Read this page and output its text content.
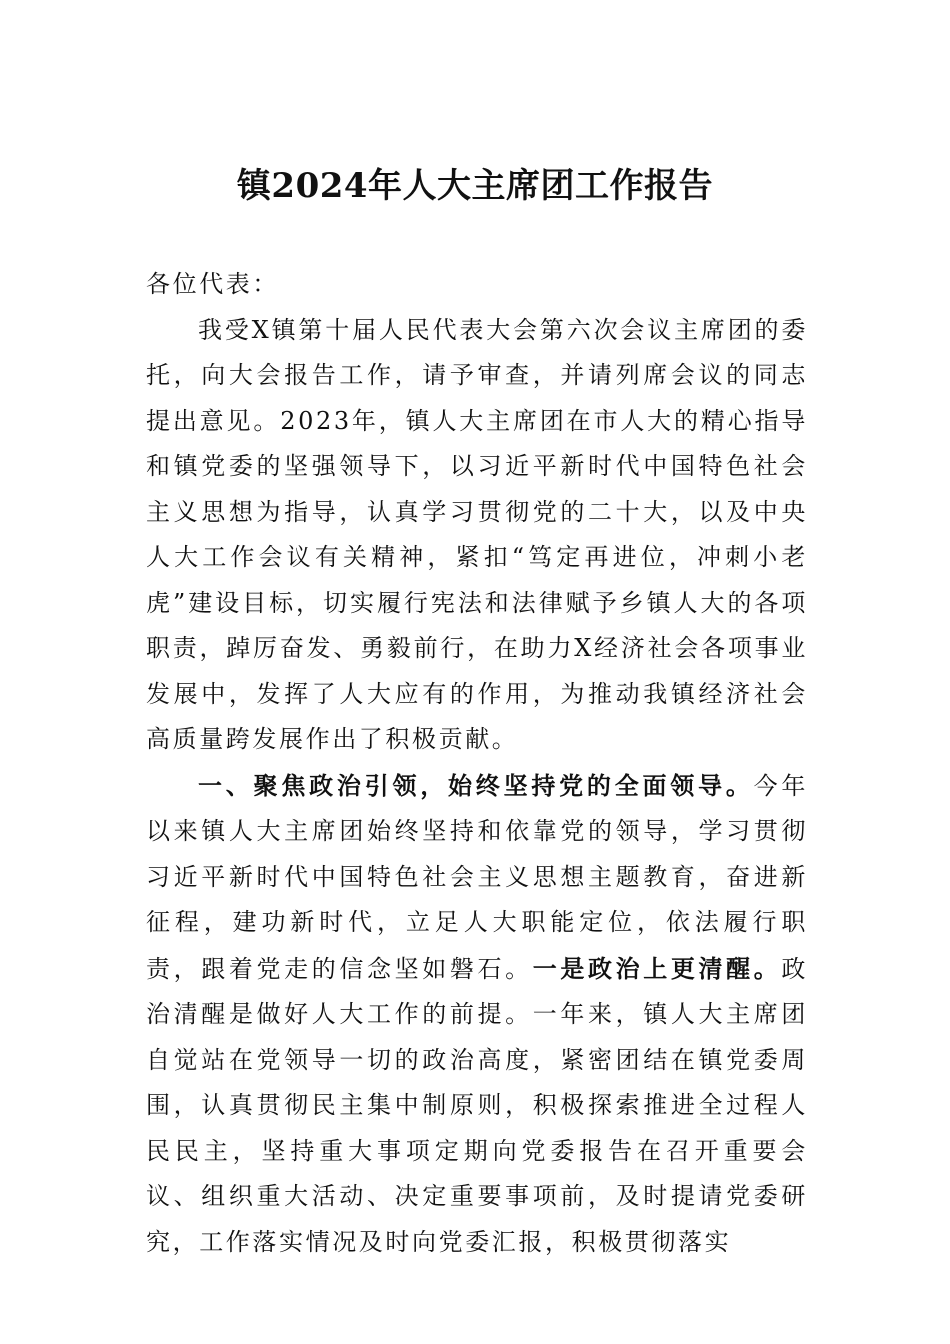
镇2024年人大主席团工作报告

各位代表：

我受X镇第十届人民代表大会第六次会议主席团的委托，向大会报告工作，请予审查，并请列席会议的同志提出意见。2023年，镇人大主席团在市人大的精心指导和镇党委的坚强领导下，以习近平新时代中国特色社会主义思想为指导，认真学习贯彻党的二十大，以及中央人大工作会议有关精神，紧扣“笃定再进位，冲刺小老虎”建设目标，切实履行宪法和法律赋予乡镇人大的各项职责，踔厉奋发、勇毅前行，在助力X经济社会各项事业发展中，发挥了人大应有的作用，为推动我镇经济社会高质量跨发展作出了积极贡献。

一、聚焦政治引领，始终坚持党的全面领导。今年以来镇人大主席团始终坚持和依靠党的领导，学习贯彻习近平新时代中国特色社会主义思想主题教育，奋进新征程，建功新时代，立足人大职能定位，依法履行职责，跟着党走的信念坚如磐石。一是政治上更清醒。政治清醒是做好人大工作的前提。一年来，镇人大主席团自觉站在党领导一切的政治高度，紧密团结在镇党委周围，认真贯彻民主集中制原则，积极探索推进全过程人民民主，坚持重大事项定期向党委报告在召开重要会议、组织重大活动、决定重要事项前，及时提请党委研究，工作落实情况及时向党委汇报，积极贯彻落实
